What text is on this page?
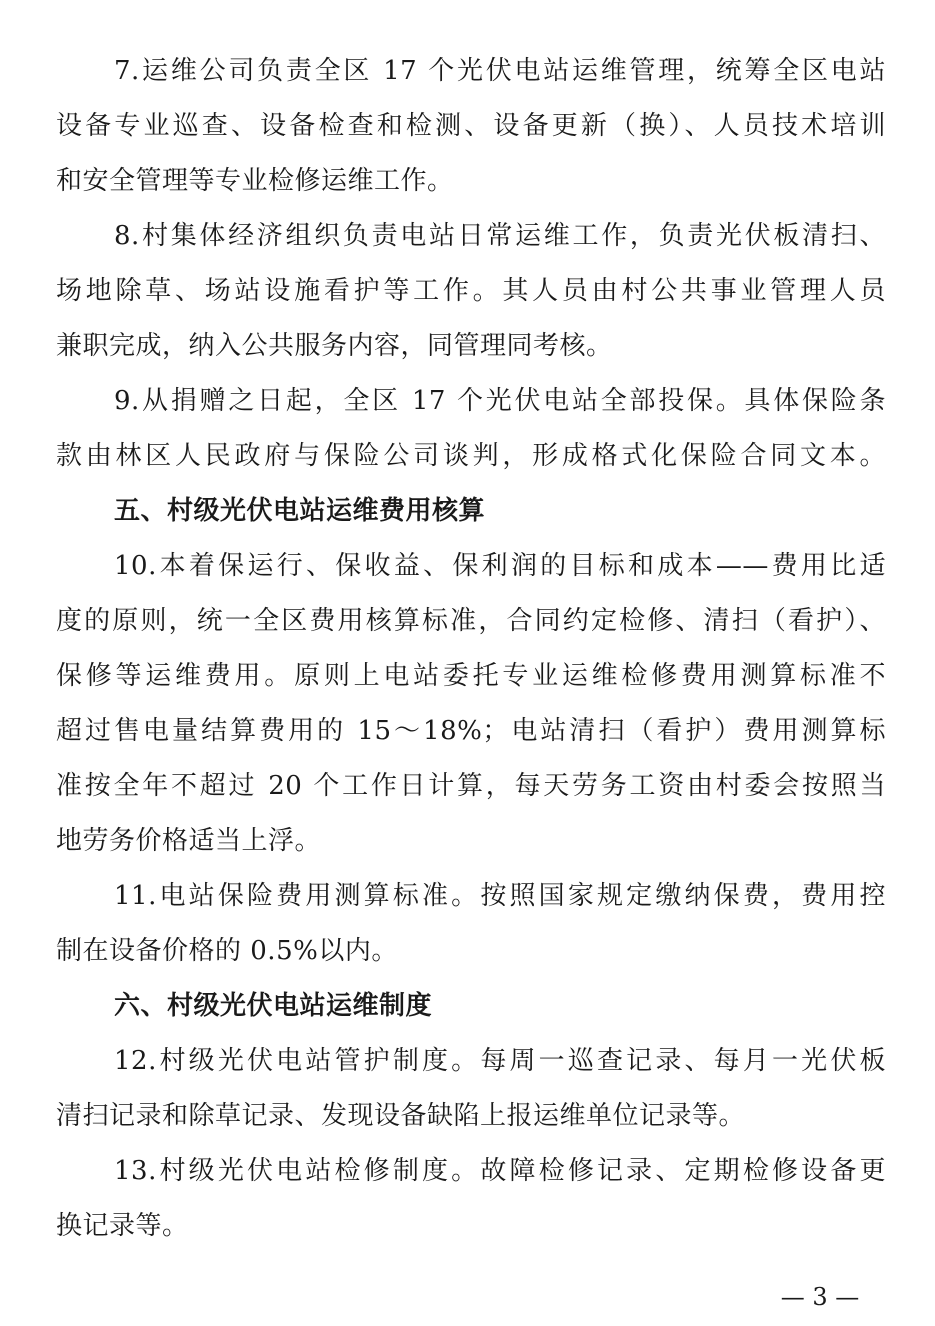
7.运维公司负责全区 17 个光伏电站运维管理，统筹全区电站
设备专业巡查、设备检查和检测、设备更新（换）、人员技术培训
和安全管理等专业检修运维工作。
8.村集体经济组织负责电站日常运维工作，负责光伏板清扫、
场地除草、场站设施看护等工作。其人员由村公共事业管理人员
兼职完成，纳入公共服务内容，同管理同考核。
9.从捐赠之日起，全区 17 个光伏电站全部投保。具体保险条
款由林区人民政府与保险公司谈判，形成格式化保险合同文本。
五、村级光伏电站运维费用核算
10.本着保运行、保收益、保利润的目标和成本——费用比适
度的原则，统一全区费用核算标准，合同约定检修、清扫（看护）、
保修等运维费用。原则上电站委托专业运维检修费用测算标准不
超过售电量结算费用的 15～18%；电站清扫（看护）费用测算标
准按全年不超过 20 个工作日计算，每天劳务工资由村委会按照当
地劳务价格适当上浮。
11.电站保险费用测算标准。按照国家规定缴纳保费，费用控
制在设备价格的 0.5%以内。
六、村级光伏电站运维制度
12.村级光伏电站管护制度。每周一巡查记录、每月一光伏板
清扫记录和除草记录、发现设备缺陷上报运维单位记录等。
13.村级光伏电站检修制度。故障检修记录、定期检修设备更
换记录等。
— 3 —
